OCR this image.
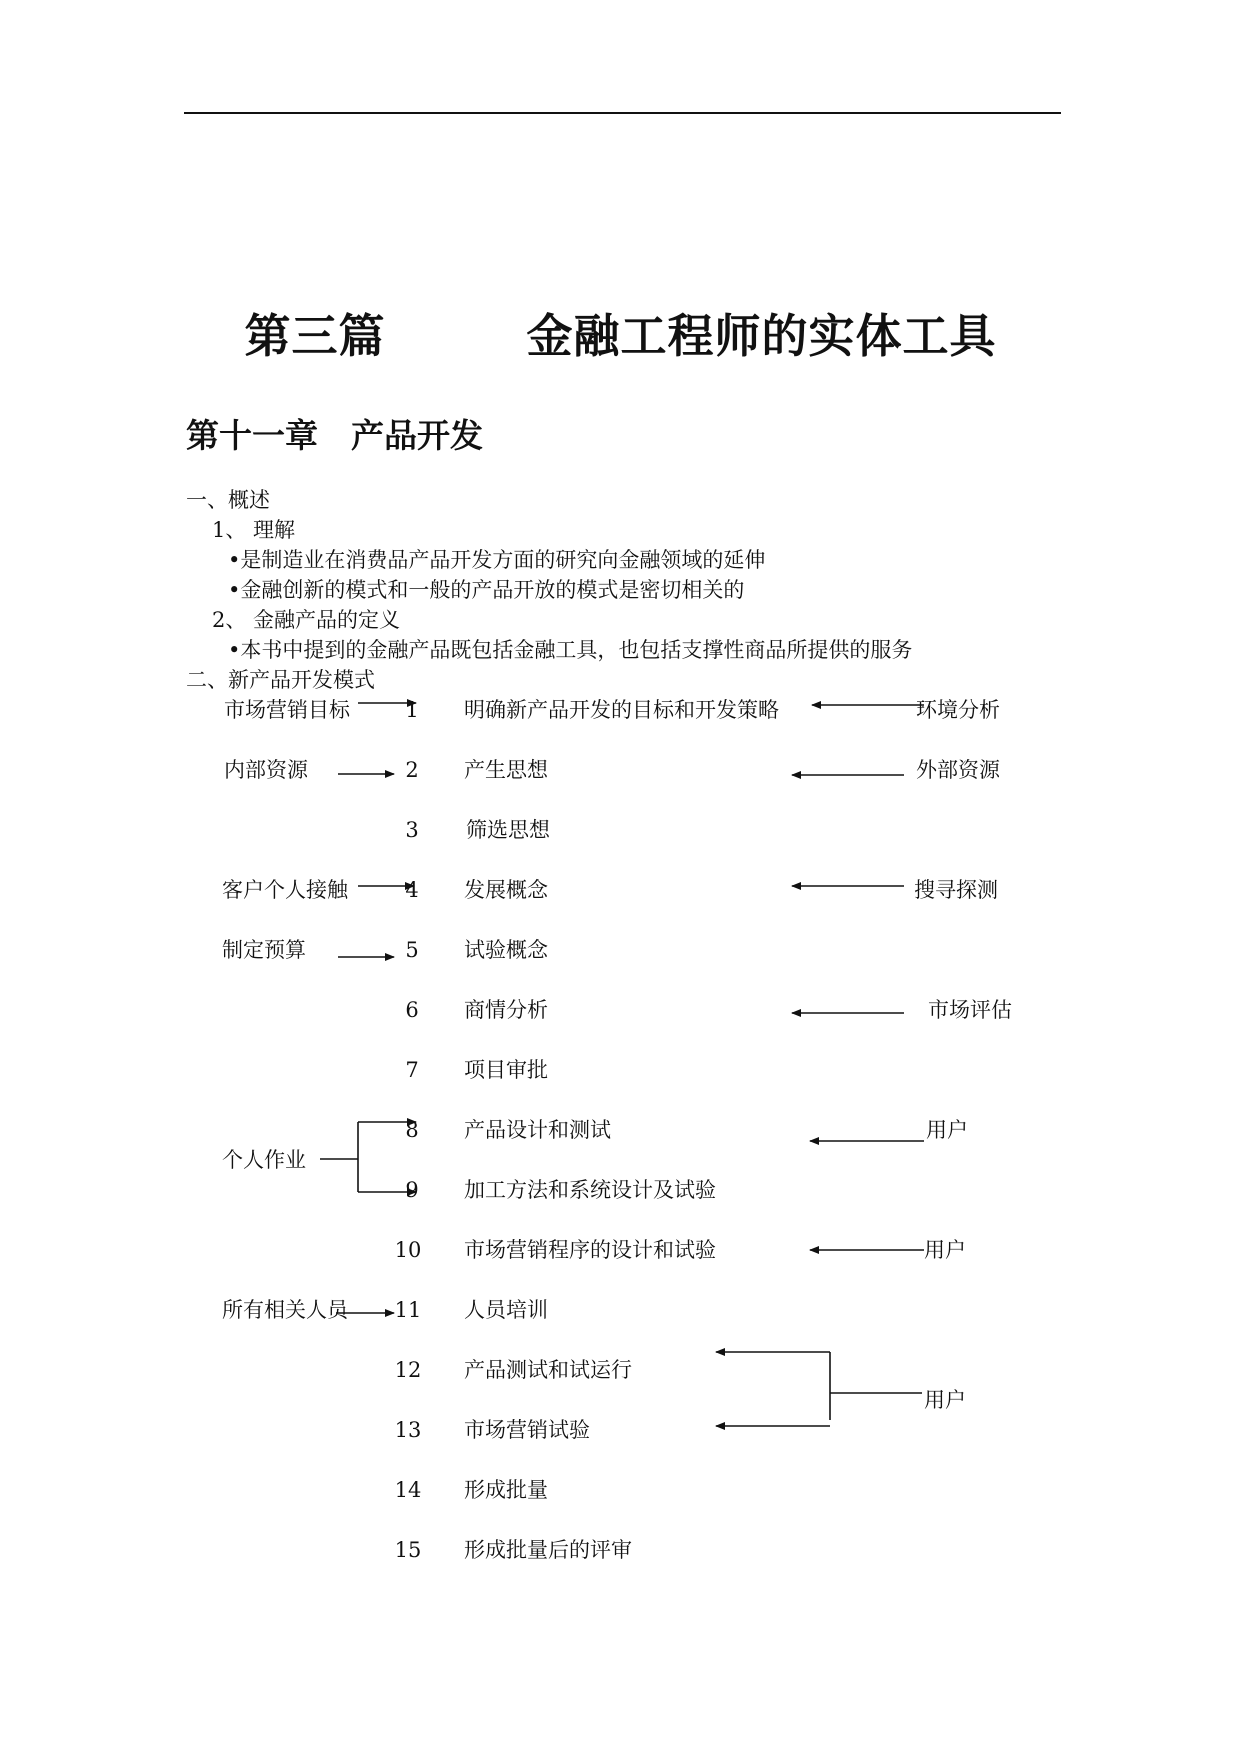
第三篇　　　金融工程师的实体工具
第十一章　产品开发
一、概述
1、 理解
•是制造业在消费品产品开发方面的研究向金融领域的延伸
•金融创新的模式和一般的产品开放的模式是密切相关的
2、 金融产品的定义
•本书中提到的金融产品既包括金融工具，也包括支撑性商品所提供的服务
二、新产品开发模式
1
2
3
4
5
6
7
8
9
10
11
12
13
14
15
明确新产品开发的目标和开发策略
产生思想
筛选思想
发展概念
试验概念
商情分析
项目审批
产品设计和测试
加工方法和系统设计及试验
市场营销程序的设计和试验
人员培训
产品测试和试运行
市场营销试验
形成批量
形成批量后的评审
市场营销目标
内部资源
客户个人接触
制定预算
个人作业
所有相关人员
环境分析
外部资源
搜寻探测
市场评估
用户
用户
用户
